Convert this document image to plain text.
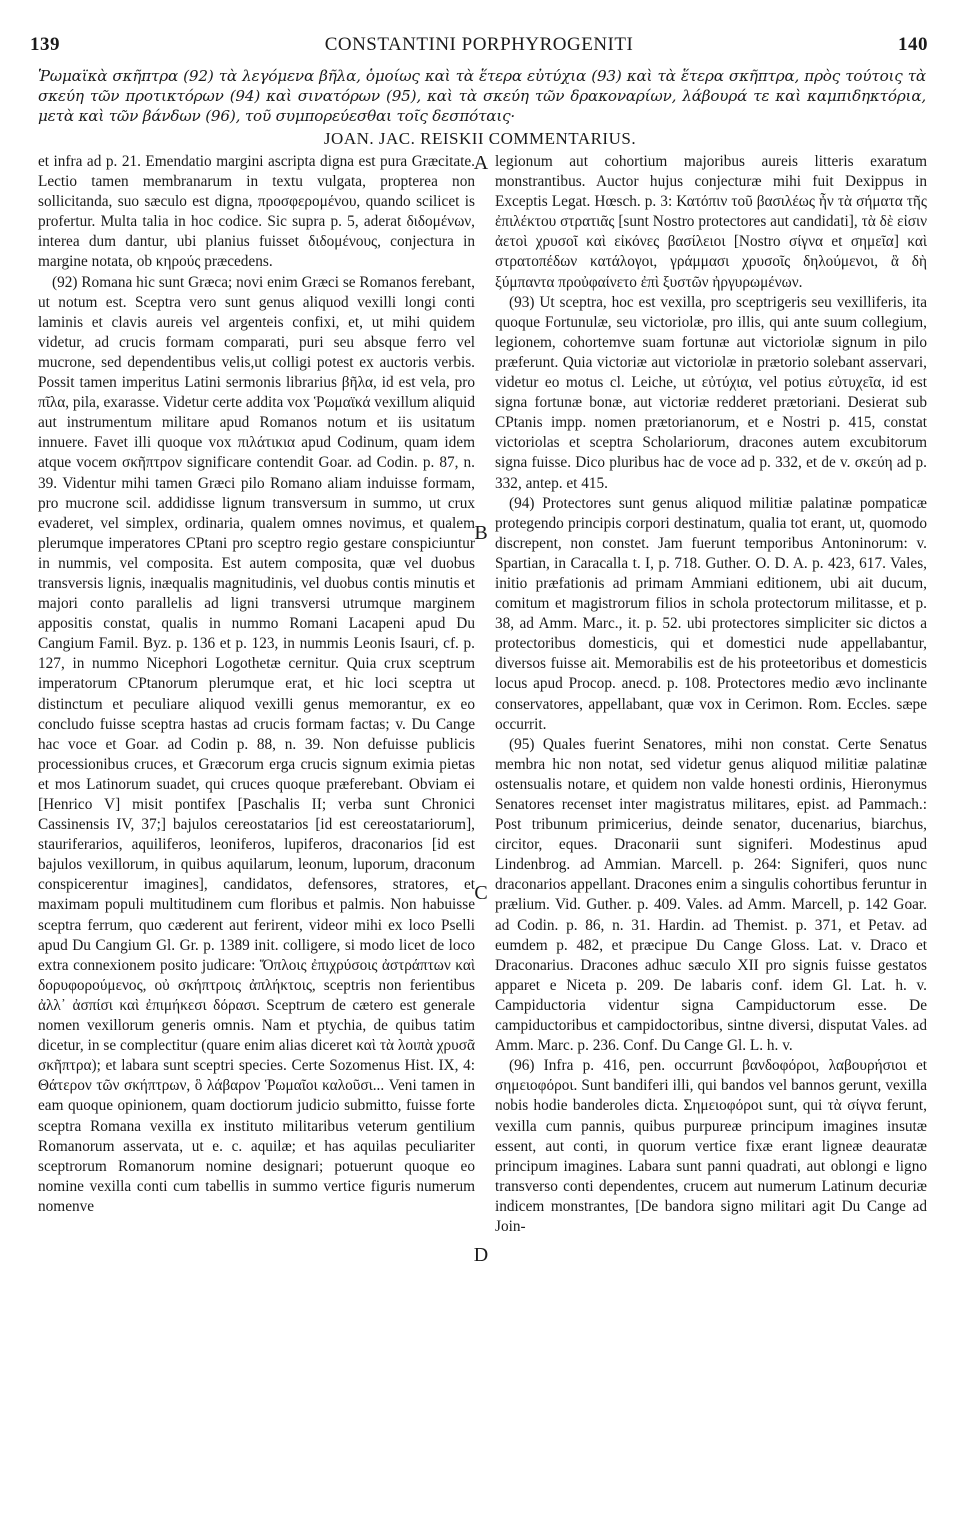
139	CONSTANTINI PORPHYROGENITI	140

Ῥωμαϊκὰ σκῆπτρα (92) τὰ λεγόμενα βῆλα, ὁμοίως καὶ τὰ ἕτερα εὐτύχια (93) καὶ τὰ ἕτερα σκῆπτρα, πρὸς τούτοις τὰ σκεύη τῶν προτικτόρων (94) καὶ σινατόρων (95), καὶ τὰ σκεύη τῶν δρακοναρίων, λάβουρά τε καὶ καμπιδηκτόρια, μετὰ καὶ τῶν βάνδων (96), τοῦ συμπορεύεσθαι τοῖς δεσπόταις·

JOAN. JAC. REISKII COMMENTARIUS.

et infra ad p. 21. Emendatio margini ascripta digna est pura Græcitate. Lectio tamen membranarum in textu vulgata, propterea non sollicitanda, suo sæculo est digna, προσφερομένου, quando scilicet is profertur. Multa talia in hoc codice. Sic supra p. 5, aderat διδομένων, interea dum dantur, ubi planius fuisset διδομένους, conjectura in margine notata, ob κηρούς præcedens.

(92) Romana hic sunt Græca; novi enim Græci se Romanos ferebant, ut notum est. Sceptra vero sunt genus aliquod vexilli longi conti laminis et clavis aureis vel argenteis confixi, et, ut mihi quidem videtur, ad crucis formam comparati, puri seu absque ferro vel mucrone, sed dependentibus velis,ut colligi potest ex auctoris verbis. Possit tamen imperitus Latini sermonis librarius βῆλα, id est vela, pro πῖλα, pila, exarasse. Videtur certe addita vox Ῥωμαϊκά vexillum aliquid aut instrumentum militare apud Romanos notum et iis usitatum innuere. Favet illi quoque vox πιλάτικια apud Codinum, quam idem atque vocem σκῆπτρον significare contendit Goar. ad Codin. p. 87, n. 39. Videntur mihi tamen Græci pilo Romano aliam induisse formam, pro mucrone scil. addidisse lignum transversum in summo, ut crux evaderet, vel simplex, ordinaria, qualem omnes novimus, et qualem plerumque imperatores CPtani pro sceptro regio gestare conspiciuntur in nummis, vel composita. Est autem composita, quæ vel duobus transversis lignis, inæqualis magnitudinis, vel duobus contis minutis et majori conto parallelis ad ligni transversi utrumque marginem appositis constat, qualis in nummo Romani Lacapeni apud Du Cangium Famil. Byz. p. 136 et p. 123, in nummis Leonis Isauri, cf. p. 127, in nummo Nicephori Logothetæ cernitur. Quia crux sceptrum imperatorum CPtanorum plerumque erat, et hic loci sceptra ut distinctum et peculiare aliquod vexilli genus memorantur, ex eo concludo fuisse sceptra hastas ad crucis formam factas; v. Du Cange hac voce et Goar. ad Codin p. 88, n. 39. Non defuisse publicis processionibus cruces, et Græcorum erga crucis signum eximia pietas et mos Latinorum suadet, qui cruces quoque præferebant. Obviam ei [Henrico V] misit pontifex [Paschalis II; verba sunt Chronici Cassinensis IV, 37;] bajulos cereostatarios [id est cereostatariorum], stauriferarios, aquiliferos, leoniferos, lupiferos, draconarios [id est bajulos vexillorum, in quibus aquilarum, leonum, luporum, draconum conspicerentur imagines], candidatos, defensores, stratores, et maximam populi multitudinem cum floribus et palmis. Non habuisse sceptra ferrum, quo cæderent aut ferirent, videor mihi ex loco Pselli apud Du Cangium Gl. Gr. p. 1389 init. colligere, si modo licet de loco extra connexionem posito judicare: Ὅπλοις ἐπιχρύσοις ἀστράπτων καὶ δορυφορούμενος, οὐ σκήπτροις ἀπλήκτοις, sceptris non ferientibus ἀλλ᾽ ἀσπίσι καὶ ἐπιμήκεσι δόρασι. Sceptrum de cætero est generale nomen vexillorum generis omnis. Nam et ptychia, de quibus tatim dicetur, in se complectitur (quare enim alias diceret καὶ τὰ λοιπὰ χρυσᾶ σκῆπτρα); et labara sunt sceptri species. Certe Sozomenus Hist. IX, 4: Θάτερον τῶν σκήπτρων, ὃ λάβαρον Ῥωμαῖοι καλοῦσι... Veni tamen in eam quoque opinionem, quam doctiorum judicio submitto, fuisse forte sceptra Romana vexilla ex instituto militaribus veterum gentilium Romanorum asservata, ut e. c. aquilæ; et has aquilas peculiariter sceptrorum Romanorum nomine designari; potuerunt quoque eo nomine vexilla conti cum tabellis in summo vertice figuris numerum nomenve

A
B
C
D

legionum aut cohortium majoribus aureis litteris exaratum monstrantibus. Auctor hujus conjecturæ mihi fuit Dexippus in Exceptis Legat. Hœsch. p. 3: Κατόπιν τοῦ βασιλέως ἦν τὰ σήματα τῆς ἐπιλέκτου στρατιᾶς [sunt Nostro protectores aut candidati], τὰ δὲ εἰσιν ἀετοὶ χρυσοῖ καὶ εἰκόνες βασίλειοι [Nostro σίγνα et σημεῖα] καὶ στρατοπέδων κατάλογοι, γράμμασι χρυσοῖς δηλούμενοι, ἃ δὴ ξύμπαντα προὐφαίνετο ἐπὶ ξυστῶν ἠργυρωμένων.

(93) Ut sceptra, hoc est vexilla, pro sceptrigeris seu vexilliferis, ita quoque Fortunulæ, seu victoriolæ, pro illis, qui ante suum collegium, legionem, cohortemve suam fortunæ aut victoriolæ signum in pilo præferunt. Quia victoriæ aut victoriolæ in prætorio solebant asservari, videtur eo motus cl. Leiche, ut εὐτύχια, vel potius εὐτυχεῖα, id est signa fortunæ bonæ, aut victoriæ redderet prætoriani. Desierat sub CPtanis impp. nomen prætorianorum, et e Nostri p. 415, constat victoriolas et sceptra Scholariorum, dracones autem excubitorum signa fuisse. Dico pluribus hac de voce ad p. 332, et de v. σκεύη ad p. 332, antep. et 415.

(94) Protectores sunt genus aliquod militiæ palatinæ pompaticæ protegendo principis corpori destinatum, qualia tot erant, ut, quomodo discrepent, non constet. Jam fuerunt temporibus Antoninorum: v. Spartian, in Caracalla t. I, p. 718. Guther. O. D. A. p. 423, 617. Vales, initio præfationis ad primam Ammiani editionem, ubi ait ducum, comitum et magistrorum filios in schola protectorum militasse, et p. 38, ad Amm. Marc., it. p. 52. ubi protectores simpliciter sic dictos a protectoribus domesticis, qui et domestici nude appellabantur, diversos fuisse ait. Memorabilis est de his proteetoribus et domesticis locus apud Procop. anecd. p. 108. Protectores medio ævo inclinante conservatores, appellabant, quæ vox in Cerimon. Rom. Eccles. sæpe occurrit.

(95) Quales fuerint Senatores, mihi non constat. Certe Senatus membra hic non notat, sed videtur genus aliquod militiæ palatinæ ostensualis notare, et quidem non valde honesti ordinis, Hieronymus Senatores recenset inter magistratus militares, epist. ad Pammach.: Post tribunum primicerius, deinde senator, ducenarius, biarchus, circitor, eques. Draconarii sunt signiferi. Modestinus apud Lindenbrog. ad Ammian. Marcell. p. 264: Signiferi, quos nunc draconarios appellant. Dracones enim a singulis cohortibus feruntur in prælium. Vid. Guther. p. 409. Vales. ad Amm. Marcell, p. 142 Goar. ad Codin. p. 86, n. 31. Hardin. ad Themist. p. 371, et Petav. ad eumdem p. 482, et præcipue Du Cange Gloss. Lat. v. Draco et Draconarius. Dracones adhuc sæculo XII pro signis fuisse gestatos apparet e Niceta p. 209. De labaris conf. idem Gl. Lat. h. v. Campiductoria videntur signa Campiductorum esse. De campiductoribus et campidoctoribus, sintne diversi, disputat Vales. ad Amm. Marc. p. 236. Conf. Du Cange Gl. L. h. v.

(96) Infra p. 416, pen. occurrunt βανδοφόροι, λαβουρήσιοι et σημειοφόροι. Sunt bandiferi illi, qui bandos vel bannos gerunt, vexilla nobis hodie banderoles dicta. Σημειοφόροι sunt, qui τὰ σίγνα ferunt, vexilla cum pannis, quibus purpureæ principum imagines insutæ essent, aut conti, in quorum vertice fixæ erant ligneæ deauratæ principum imagines. Labara sunt panni quadrati, aut oblongi e ligno transverso conti dependentes, crucem aut numerum Latinum decuriæ indicem monstrantes, [De bandora signo militari agit Du Cange ad Join-
